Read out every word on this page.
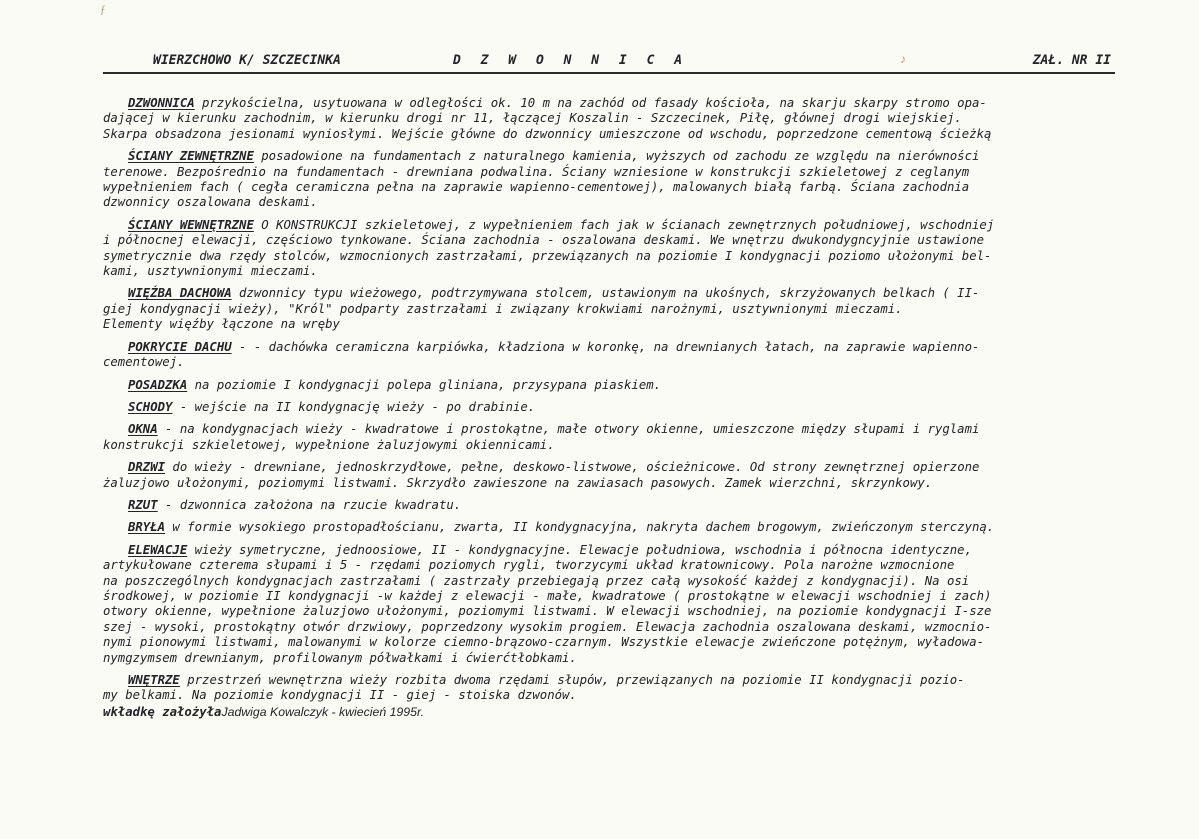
WIERZCHOWO K/ SZCZECINKA	D Z W O N N I C A	ZAŁ. NR II

DZWONNICA przykościelna, usytuowana w odległości ok. 10 m na zachód od fasady kościoła, na skarju skarpy stromo opa-

dającej w kierunku zachodnim, w kierunku drogi nr 11, łączącej Koszalin - Szczecinek, Piłę, głównej drogi wiejskiej.

Skarpa obsadzona jesionami wyniosłymi. Wejście główne do dzwonnicy umieszczone od wschodu, poprzedzone cementową ścieżką

ŚCIANY ZEWNĘTRZNE posadowione na fundamentach z naturalnego kamienia, wyższych od zachodu ze względu na nierówności

terenowe. Bezpośrednio na fundamentach - drewniana podwalina. Ściany wzniesione w konstrukcji szkieletowej z ceglanym

wypełnieniem fach ( cegła ceramiczna pełna na zaprawie wapienno-cementowej), malowanych białą farbą. Ściana zachodnia

dzwonnicy oszalowana deskami.

ŚCIANY WEWNĘTRZNE O KONSTRUKCJI szkieletowej, z wypełnieniem fach jak w ścianach zewnętrznych południowej, wschodniej

i północnej elewacji, częściowo tynkowane. Ściana zachodnia - oszalowana deskami. We wnętrzu dwukondygncyjnie ustawione

symetrycznie dwa rzędy stolców, wzmocnionych zastrzałami, przewiązanych na poziomie I kondygnacji poziomo ułożonymi bel-

kami, usztywnionymi mieczami.

WIĘŹBA DACHOWA dzwonnicy typu wieżowego, podtrzymywana stolcem, ustawionym na ukośnych, skrzyżowanych belkach ( II-

giej kondygnacji wieży), "Król" podparty zastrzałami i związany krokwiami narożnymi, usztywnionymi mieczami.

Elementy więźby łączone na wręby

POKRYCIE DACHU - - dachówka ceramiczna karpiówka, kładziona w koronkę, na drewnianych łatach, na zaprawie wapienno-

cementowej.

POSADZKA na poziomie I kondygnacji polepa gliniana, przysypana piaskiem.

SCHODY - wejście na II kondygnację wieży - po drabinie.

OKNA - na kondygnacjach wieży - kwadratowe i prostokątne, małe otwory okienne, umieszczone między słupami i ryglami

konstrukcji szkieletowej, wypełnione żaluzjowymi okiennicami.

DRZWI do wieży - drewniane, jednoskrzydłowe, pełne, deskowo-listwowe, ościeżnicowe. Od strony zewnętrznej opierzone

żaluzjowo ułożonymi, poziomymi listwami. Skrzydło zawieszone na zawiasach pasowych. Zamek wierzchni, skrzynkowy.

RZUT - dzwonnica założona na rzucie kwadratu.

BRYŁA w formie wysokiego prostopadłościanu, zwarta, II kondygnacyjna, nakryta dachem brogowym, zwieńczonym sterczyną.

ELEWACJE wieży symetryczne, jednoosiowe, II - kondygnacyjne. Elewacje południowa, wschodnia i północna identyczne,

artykułowane czterema słupami i 5 - rzędami poziomych rygli, tworzycymi układ kratownicowy. Pola narożne wzmocnione

na poszczególnych kondygnacjach zastrzałami ( zastrzały przebiegają przez całą wysokość każdej z kondygnacji). Na osi

środkowej, w poziomie II kondygnacji -w każdej z elewacji - małe, kwadratowe ( prostokątne w elewacji wschodniej i zach)

otwory okienne, wypełnione żaluzjowo ułożonymi, poziomymi listwami. W elewacji wschodniej, na poziomie kondygnacji I-sze

szej - wysoki, prostokątny otwór drzwiowy, poprzedzony wysokim progiem. Elewacja zachodnia oszalowana deskami, wzmocnio-

nymi pionowymi listwami, malowanymi w kolorze ciemno-brązowo-czarnym. Wszystkie elewacje zwieńczone potężnym, wyładowa-

nymgzymsem drewnianym, profilowanym półwałkami i ćwierćtłobkami.

WNĘTRZE przestrzeń wewnętrzna wieży rozbita dwoma rzędami słupów, przewiązanych na poziomie II kondygnacji pozio-

my belkami. Na poziomie kondygnacji II - giej - stoiska dzwonów.

wkładkę założyłaJadwiga Kowalczyk - kwiecień 1995r.

ƒ
♪
